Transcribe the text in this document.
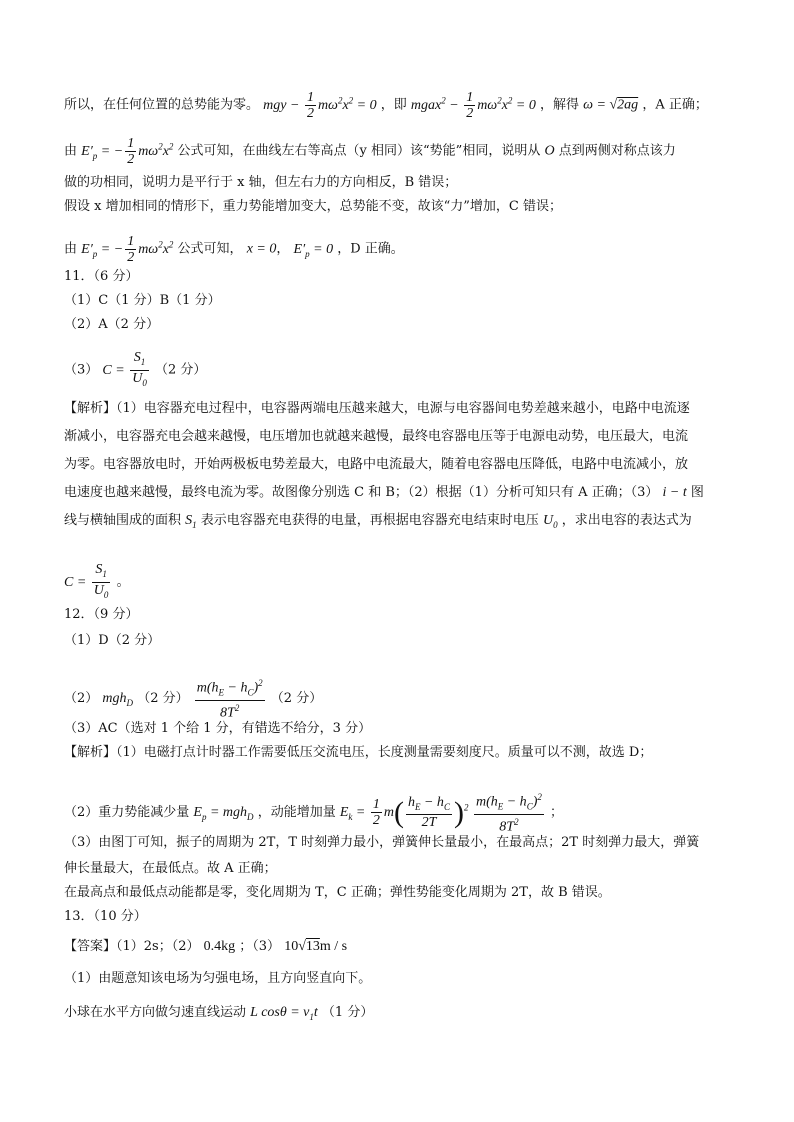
所以，在任何位置的总势能为零。 mgy − $\frac{1}{2} m\omega^2x^2 = 0$ ，即 mgax$^2$ − $\frac{1}{2} m\omega^2x^2 = 0$ ，解得 ω = √2ag ，A 正确；
由 $E'_p$ = − $\frac{1}{2} m\omega^2x^2$ 公式可知，在曲线左右等高点（y 相同）该“势能”相同，说明从 O 点到两侧对称点该力
做的功相同，说明力是平行于 x 轴，但左右力的方向相反，B 错误；
假设 x 增加相同的情形下，重力势能增加变大，总势能不变，故该“力”增加，C 错误；
由 $E'_p$ = − $\frac{1}{2} m\omega^2x^2$ 公式可知， x = 0， $E'_p = 0$ ，D 正确。
11．（6 分）
（1）C（1 分）B（1 分）
（2）A（2 分）
（3） $C = \frac{S_1}{U_0} (2$ 分）
【解析】（1）电容器充电过程中，电容器两端电压越来越大，电源与电容器间电势差越来越小，电路中电流逐
渐减小，电容器充电会越来越慢，电压增加也就越来越慢，最终电容器电压等于电源电动势，电压最大，电流
为零。电容器放电时，开始两极板电势差最大，电路中电流最大，随着电容器电压降低，电路中电流减小，放
电速度也越来越慢，最终电流为零。故图像分别选 C 和 B；（2）根据（1）分析可知只有 A 正确；（3） i − t 图
线与横轴围成的面积 $S_1$ 表示电容器充电获得的电量，再根据电容器充电结束时电压 $U_0$ ，求出电容的表达式为
$C = \frac{S_1}{U_0}$ 。
12．（9 分）
（1）D（2 分）
（2） mgh$_D$ （2 分） $\frac{m(h_E - h_C)^2}{8T^2} (2$ 分）
（3）AC（选对 1 个给 1 分，有错选不给分，3 分）
【解析】（1）电磁打点计时器工作需要低压交流电压，长度测量需要刻度尺。质量可以不测，故选 D；
（2）重力势能减少量 $E_p = mgh_D$ ，动能增加量 $E_k = \frac{1}{2} m( \frac{h_E - h_C}{2T} )^2 \frac{m(h_E - h_C)^2}{8T^2}$ ；
（3）由图丁可知，振子的周期为 2T，T 时刻弹力最小，弹簧伸长量最小，在最高点；2T 时刻弹力最大，弹簧
伸长量最大，在最低点。故 A 正确；
在最高点和最低点动能都是零，变化周期为 T，C 正确；弹性势能变化周期为 2T，故 B 错误。
13．（10 分）
【答案】（1）2s；（2） 0.4kg ；（3） 10√13m / s
（1）由题意知该电场为匀强电场，且方向竖直向下。
小球在水平方向做匀速直线运动 L $\cos\theta = v_1t$ （1 分）
